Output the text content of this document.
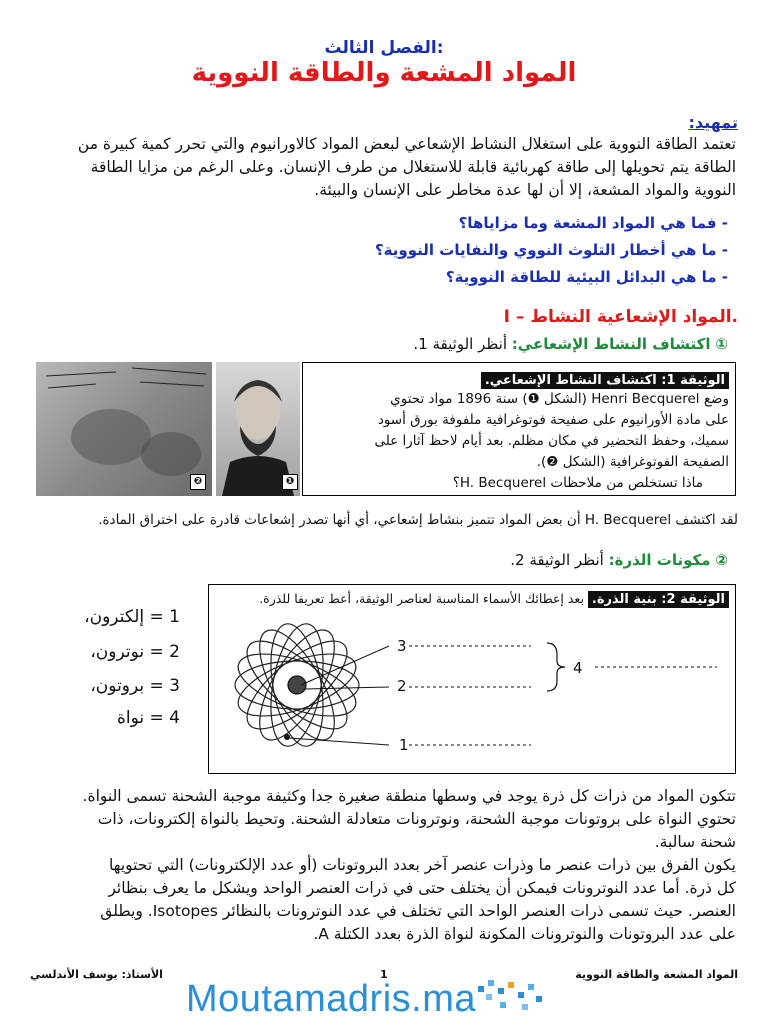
الفصل الثالث:
المواد المشعة والطاقة النووية
تمهيد:
تعتمد الطاقة النووية على استغلال النشاط الإشعاعي لبعض المواد كالاورانيوم والتي تحرر كمية كبيرة من
الطاقة يتم تحويلها إلى طاقة كهربائية قابلة للاستغلال من طرف الإنسان. وعلى الرغم من مزايا الطاقة
النووية والمواد المشعة، إلا أن لها عدة مخاطر على الإنسان والبيئة.
- فما هي المواد المشعة وما مزاياها؟
- ما هي أخطار التلوث النووي والنفايات النووية؟
- ما هي البدائل البيئية للطاقة النووية؟
I – المواد الإشعاعية النشاط.
① اكتشاف النشاط الإشعاعي: أنظر الوثيقة 1.
❷	❶
الوثيقة 1: اكتشاف النشاط الإشعاعي.
وضع Henri Becquerel (الشكل ❶) سنة 1896 مواد تحتوي
على مادة الأورانيوم على صفيحة فوتوغرافية ملفوفة بورق أسود
سميك، وحفظ التحضير في مكان مظلم. بعد أيام لاحظ آثارا على
الصفيحة الفوتوغرافية (الشكل ❷).
ماذا تستخلص من ملاحظات H. Becquerel؟
لقد اكتشف H. Becquerel أن بعض المواد تتميز بنشاط إشعاعي، أي أنها تصدر إشعاعات قادرة على اختراق المادة.
② مكونات الذرة: أنظر الوثيقة 2.
1 = إلكترون،
2 = نوترون،
3 = بروتون،
4 = نواة
الوثيقة 2: بنية الذرة. بعد إعطائك الأسماء المناسبة لعناصر الوثيقة، أعط تعريفا للذرة.
3
2
1
4
تتكون المواد من ذرات كل ذرة يوجد في وسطها منطقة صغيرة جدا وكثيفة موجبة الشحنة تسمى النواة.
تحتوي النواة على بروتونات موجبة الشحنة، ونوترونات متعادلة الشحنة. وتحيط بالنواة إلكترونات، ذات
شحنة سالبة.
يكون الفرق بين ذرات عنصر ما وذرات عنصر آخر بعدد البروتونات (أو عدد الإلكترونات) التي تحتويها
كل ذرة. أما عدد النوترونات فيمكن أن يختلف حتى في ذرات العنصر الواحد ويشكل ما يعرف بنظائر
العنصر. حيث تسمى ذرات العنصر الواحد التي تختلف في عدد النوترونات بالنظائر Isotopes. ويطلق
على عدد البروتونات والنوترونات المكونة لنواة الذرة بعدد الكتلة A.
الأستاذ: يوسف الأندلسي	1	المواد المشعة والطاقة النووية
Moutamadris.ma
